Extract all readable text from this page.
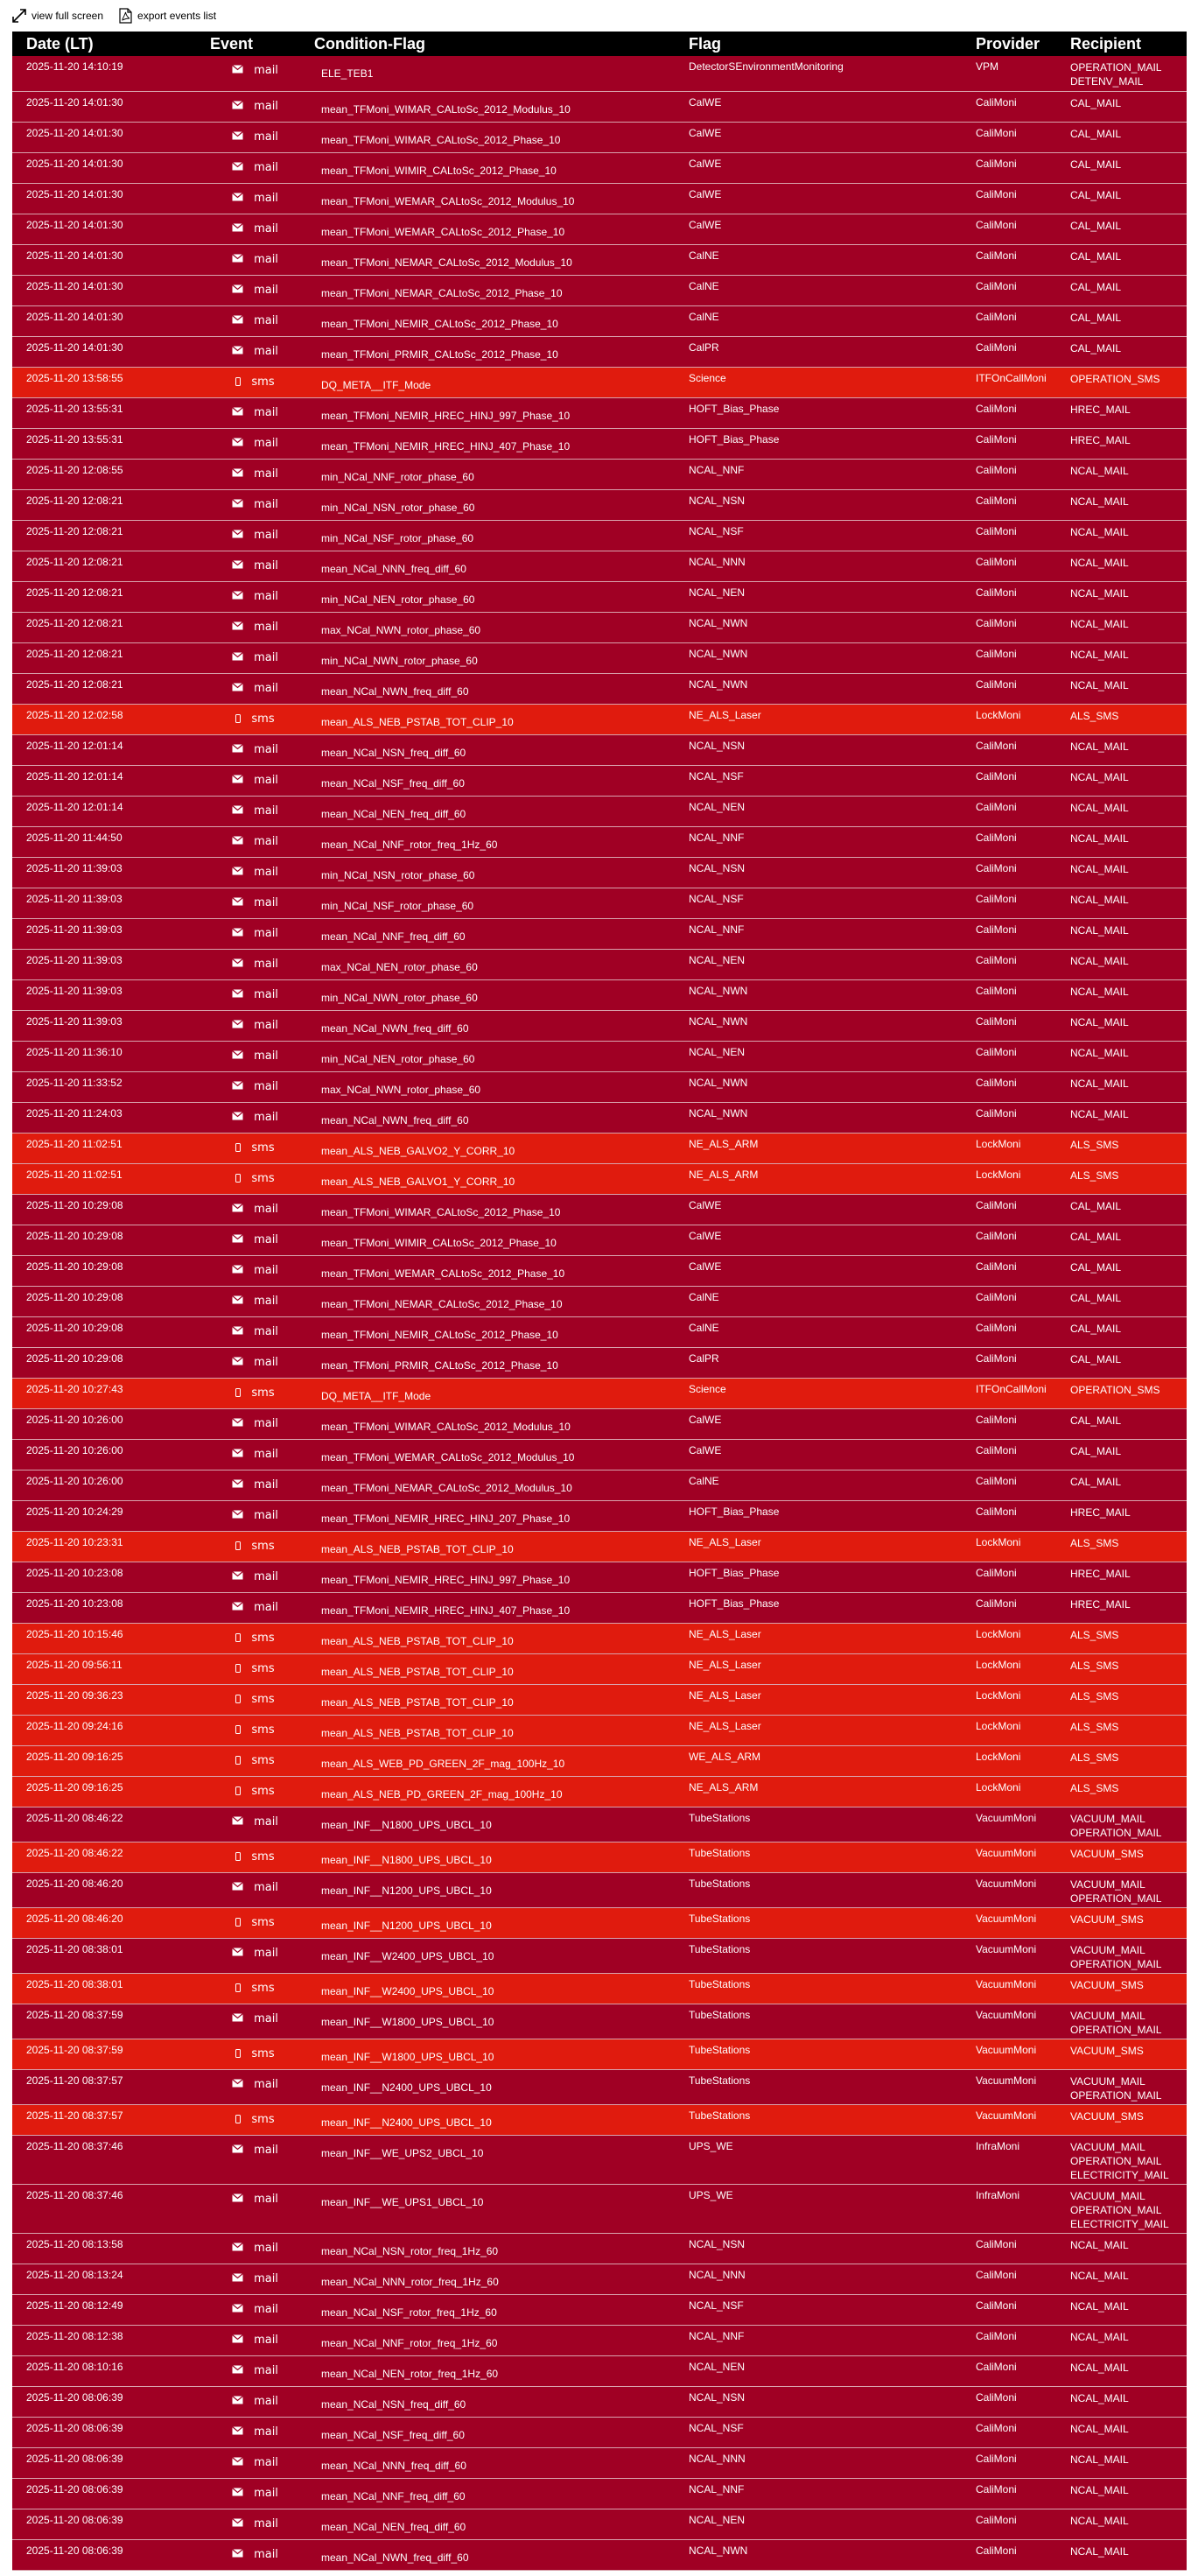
view full screen	export events list
Date (LT)	Event	Condition-Flag	Flag	Provider	Recipient
2025-11-20 14:10:19	mail	ELE_TEB1	DetectorSEnvironmentMonitoring	VPM	OPERATION_MAIL
DETENV_MAIL

2025-11-20 14:01:30	mail	mean_TFMoni_WIMAR_CALtoSc_2012_Modulus_10	CalWE	CaliMoni	CAL_MAIL

2025-11-20 14:01:30	mail	mean_TFMoni_WIMAR_CALtoSc_2012_Phase_10	CalWE	CaliMoni	CAL_MAIL

2025-11-20 14:01:30	mail	mean_TFMoni_WIMIR_CALtoSc_2012_Phase_10	CalWE	CaliMoni	CAL_MAIL

2025-11-20 14:01:30	mail	mean_TFMoni_WEMAR_CALtoSc_2012_Modulus_10	CalWE	CaliMoni	CAL_MAIL

2025-11-20 14:01:30	mail	mean_TFMoni_WEMAR_CALtoSc_2012_Phase_10	CalWE	CaliMoni	CAL_MAIL

2025-11-20 14:01:30	mail	mean_TFMoni_NEMAR_CALtoSc_2012_Modulus_10	CalNE	CaliMoni	CAL_MAIL

2025-11-20 14:01:30	mail	mean_TFMoni_NEMAR_CALtoSc_2012_Phase_10	CalNE	CaliMoni	CAL_MAIL

2025-11-20 14:01:30	mail	mean_TFMoni_NEMIR_CALtoSc_2012_Phase_10	CalNE	CaliMoni	CAL_MAIL

2025-11-20 14:01:30	mail	mean_TFMoni_PRMIR_CALtoSc_2012_Phase_10	CalPR	CaliMoni	CAL_MAIL

2025-11-20 13:58:55	sms	DQ_META__ITF_Mode	Science	ITFOnCallMoni	OPERATION_SMS

2025-11-20 13:55:31	mail	mean_TFMoni_NEMIR_HREC_HINJ_997_Phase_10	HOFT_Bias_Phase	CaliMoni	HREC_MAIL

2025-11-20 13:55:31	mail	mean_TFMoni_NEMIR_HREC_HINJ_407_Phase_10	HOFT_Bias_Phase	CaliMoni	HREC_MAIL

2025-11-20 12:08:55	mail	min_NCal_NNF_rotor_phase_60	NCAL_NNF	CaliMoni	NCAL_MAIL

2025-11-20 12:08:21	mail	min_NCal_NSN_rotor_phase_60	NCAL_NSN	CaliMoni	NCAL_MAIL

2025-11-20 12:08:21	mail	min_NCal_NSF_rotor_phase_60	NCAL_NSF	CaliMoni	NCAL_MAIL

2025-11-20 12:08:21	mail	mean_NCal_NNN_freq_diff_60	NCAL_NNN	CaliMoni	NCAL_MAIL

2025-11-20 12:08:21	mail	min_NCal_NEN_rotor_phase_60	NCAL_NEN	CaliMoni	NCAL_MAIL

2025-11-20 12:08:21	mail	max_NCal_NWN_rotor_phase_60	NCAL_NWN	CaliMoni	NCAL_MAIL

2025-11-20 12:08:21	mail	min_NCal_NWN_rotor_phase_60	NCAL_NWN	CaliMoni	NCAL_MAIL

2025-11-20 12:08:21	mail	mean_NCal_NWN_freq_diff_60	NCAL_NWN	CaliMoni	NCAL_MAIL

2025-11-20 12:02:58	sms	mean_ALS_NEB_PSTAB_TOT_CLIP_10	NE_ALS_Laser	LockMoni	ALS_SMS

2025-11-20 12:01:14	mail	mean_NCal_NSN_freq_diff_60	NCAL_NSN	CaliMoni	NCAL_MAIL

2025-11-20 12:01:14	mail	mean_NCal_NSF_freq_diff_60	NCAL_NSF	CaliMoni	NCAL_MAIL

2025-11-20 12:01:14	mail	mean_NCal_NEN_freq_diff_60	NCAL_NEN	CaliMoni	NCAL_MAIL

2025-11-20 11:44:50	mail	mean_NCal_NNF_rotor_freq_1Hz_60	NCAL_NNF	CaliMoni	NCAL_MAIL

2025-11-20 11:39:03	mail	min_NCal_NSN_rotor_phase_60	NCAL_NSN	CaliMoni	NCAL_MAIL

2025-11-20 11:39:03	mail	min_NCal_NSF_rotor_phase_60	NCAL_NSF	CaliMoni	NCAL_MAIL

2025-11-20 11:39:03	mail	mean_NCal_NNF_freq_diff_60	NCAL_NNF	CaliMoni	NCAL_MAIL

2025-11-20 11:39:03	mail	max_NCal_NEN_rotor_phase_60	NCAL_NEN	CaliMoni	NCAL_MAIL

2025-11-20 11:39:03	mail	min_NCal_NWN_rotor_phase_60	NCAL_NWN	CaliMoni	NCAL_MAIL

2025-11-20 11:39:03	mail	mean_NCal_NWN_freq_diff_60	NCAL_NWN	CaliMoni	NCAL_MAIL

2025-11-20 11:36:10	mail	min_NCal_NEN_rotor_phase_60	NCAL_NEN	CaliMoni	NCAL_MAIL

2025-11-20 11:33:52	mail	max_NCal_NWN_rotor_phase_60	NCAL_NWN	CaliMoni	NCAL_MAIL

2025-11-20 11:24:03	mail	mean_NCal_NWN_freq_diff_60	NCAL_NWN	CaliMoni	NCAL_MAIL

2025-11-20 11:02:51	sms	mean_ALS_NEB_GALVO2_Y_CORR_10	NE_ALS_ARM	LockMoni	ALS_SMS

2025-11-20 11:02:51	sms	mean_ALS_NEB_GALVO1_Y_CORR_10	NE_ALS_ARM	LockMoni	ALS_SMS

2025-11-20 10:29:08	mail	mean_TFMoni_WIMAR_CALtoSc_2012_Phase_10	CalWE	CaliMoni	CAL_MAIL

2025-11-20 10:29:08	mail	mean_TFMoni_WIMIR_CALtoSc_2012_Phase_10	CalWE	CaliMoni	CAL_MAIL

2025-11-20 10:29:08	mail	mean_TFMoni_WEMAR_CALtoSc_2012_Phase_10	CalWE	CaliMoni	CAL_MAIL

2025-11-20 10:29:08	mail	mean_TFMoni_NEMAR_CALtoSc_2012_Phase_10	CalNE	CaliMoni	CAL_MAIL

2025-11-20 10:29:08	mail	mean_TFMoni_NEMIR_CALtoSc_2012_Phase_10	CalNE	CaliMoni	CAL_MAIL

2025-11-20 10:29:08	mail	mean_TFMoni_PRMIR_CALtoSc_2012_Phase_10	CalPR	CaliMoni	CAL_MAIL

2025-11-20 10:27:43	sms	DQ_META__ITF_Mode	Science	ITFOnCallMoni	OPERATION_SMS

2025-11-20 10:26:00	mail	mean_TFMoni_WIMAR_CALtoSc_2012_Modulus_10	CalWE	CaliMoni	CAL_MAIL

2025-11-20 10:26:00	mail	mean_TFMoni_WEMAR_CALtoSc_2012_Modulus_10	CalWE	CaliMoni	CAL_MAIL

2025-11-20 10:26:00	mail	mean_TFMoni_NEMAR_CALtoSc_2012_Modulus_10	CalNE	CaliMoni	CAL_MAIL

2025-11-20 10:24:29	mail	mean_TFMoni_NEMIR_HREC_HINJ_207_Phase_10	HOFT_Bias_Phase	CaliMoni	HREC_MAIL

2025-11-20 10:23:31	sms	mean_ALS_NEB_PSTAB_TOT_CLIP_10	NE_ALS_Laser	LockMoni	ALS_SMS

2025-11-20 10:23:08	mail	mean_TFMoni_NEMIR_HREC_HINJ_997_Phase_10	HOFT_Bias_Phase	CaliMoni	HREC_MAIL

2025-11-20 10:23:08	mail	mean_TFMoni_NEMIR_HREC_HINJ_407_Phase_10	HOFT_Bias_Phase	CaliMoni	HREC_MAIL

2025-11-20 10:15:46	sms	mean_ALS_NEB_PSTAB_TOT_CLIP_10	NE_ALS_Laser	LockMoni	ALS_SMS

2025-11-20 09:56:11	sms	mean_ALS_NEB_PSTAB_TOT_CLIP_10	NE_ALS_Laser	LockMoni	ALS_SMS

2025-11-20 09:36:23	sms	mean_ALS_NEB_PSTAB_TOT_CLIP_10	NE_ALS_Laser	LockMoni	ALS_SMS

2025-11-20 09:24:16	sms	mean_ALS_NEB_PSTAB_TOT_CLIP_10	NE_ALS_Laser	LockMoni	ALS_SMS

2025-11-20 09:16:25	sms	mean_ALS_WEB_PD_GREEN_2F_mag_100Hz_10	WE_ALS_ARM	LockMoni	ALS_SMS

2025-11-20 09:16:25	sms	mean_ALS_NEB_PD_GREEN_2F_mag_100Hz_10	NE_ALS_ARM	LockMoni	ALS_SMS

2025-11-20 08:46:22	mail	mean_INF__N1800_UPS_UBCL_10	TubeStations	VacuumMoni	VACUUM_MAIL
OPERATION_MAIL

2025-11-20 08:46:22	sms	mean_INF__N1800_UPS_UBCL_10	TubeStations	VacuumMoni	VACUUM_SMS

2025-11-20 08:46:20	mail	mean_INF__N1200_UPS_UBCL_10	TubeStations	VacuumMoni	VACUUM_MAIL
OPERATION_MAIL

2025-11-20 08:46:20	sms	mean_INF__N1200_UPS_UBCL_10	TubeStations	VacuumMoni	VACUUM_SMS

2025-11-20 08:38:01	mail	mean_INF__W2400_UPS_UBCL_10	TubeStations	VacuumMoni	VACUUM_MAIL
OPERATION_MAIL

2025-11-20 08:38:01	sms	mean_INF__W2400_UPS_UBCL_10	TubeStations	VacuumMoni	VACUUM_SMS

2025-11-20 08:37:59	mail	mean_INF__W1800_UPS_UBCL_10	TubeStations	VacuumMoni	VACUUM_MAIL
OPERATION_MAIL

2025-11-20 08:37:59	sms	mean_INF__W1800_UPS_UBCL_10	TubeStations	VacuumMoni	VACUUM_SMS

2025-11-20 08:37:57	mail	mean_INF__N2400_UPS_UBCL_10	TubeStations	VacuumMoni	VACUUM_MAIL
OPERATION_MAIL

2025-11-20 08:37:57	sms	mean_INF__N2400_UPS_UBCL_10	TubeStations	VacuumMoni	VACUUM_SMS

2025-11-20 08:37:46	mail	mean_INF__WE_UPS2_UBCL_10	UPS_WE	InfraMoni	VACUUM_MAIL
OPERATION_MAIL
ELECTRICITY_MAIL

2025-11-20 08:37:46	mail	mean_INF__WE_UPS1_UBCL_10	UPS_WE	InfraMoni	VACUUM_MAIL
OPERATION_MAIL
ELECTRICITY_MAIL

2025-11-20 08:13:58	mail	mean_NCal_NSN_rotor_freq_1Hz_60	NCAL_NSN	CaliMoni	NCAL_MAIL

2025-11-20 08:13:24	mail	mean_NCal_NNN_rotor_freq_1Hz_60	NCAL_NNN	CaliMoni	NCAL_MAIL

2025-11-20 08:12:49	mail	mean_NCal_NSF_rotor_freq_1Hz_60	NCAL_NSF	CaliMoni	NCAL_MAIL

2025-11-20 08:12:38	mail	mean_NCal_NNF_rotor_freq_1Hz_60	NCAL_NNF	CaliMoni	NCAL_MAIL

2025-11-20 08:10:16	mail	mean_NCal_NEN_rotor_freq_1Hz_60	NCAL_NEN	CaliMoni	NCAL_MAIL

2025-11-20 08:06:39	mail	mean_NCal_NSN_freq_diff_60	NCAL_NSN	CaliMoni	NCAL_MAIL

2025-11-20 08:06:39	mail	mean_NCal_NSF_freq_diff_60	NCAL_NSF	CaliMoni	NCAL_MAIL

2025-11-20 08:06:39	mail	mean_NCal_NNN_freq_diff_60	NCAL_NNN	CaliMoni	NCAL_MAIL

2025-11-20 08:06:39	mail	mean_NCal_NNF_freq_diff_60	NCAL_NNF	CaliMoni	NCAL_MAIL

2025-11-20 08:06:39	mail	mean_NCal_NEN_freq_diff_60	NCAL_NEN	CaliMoni	NCAL_MAIL

2025-11-20 08:06:39	mail	mean_NCal_NWN_freq_diff_60	NCAL_NWN	CaliMoni	NCAL_MAIL
